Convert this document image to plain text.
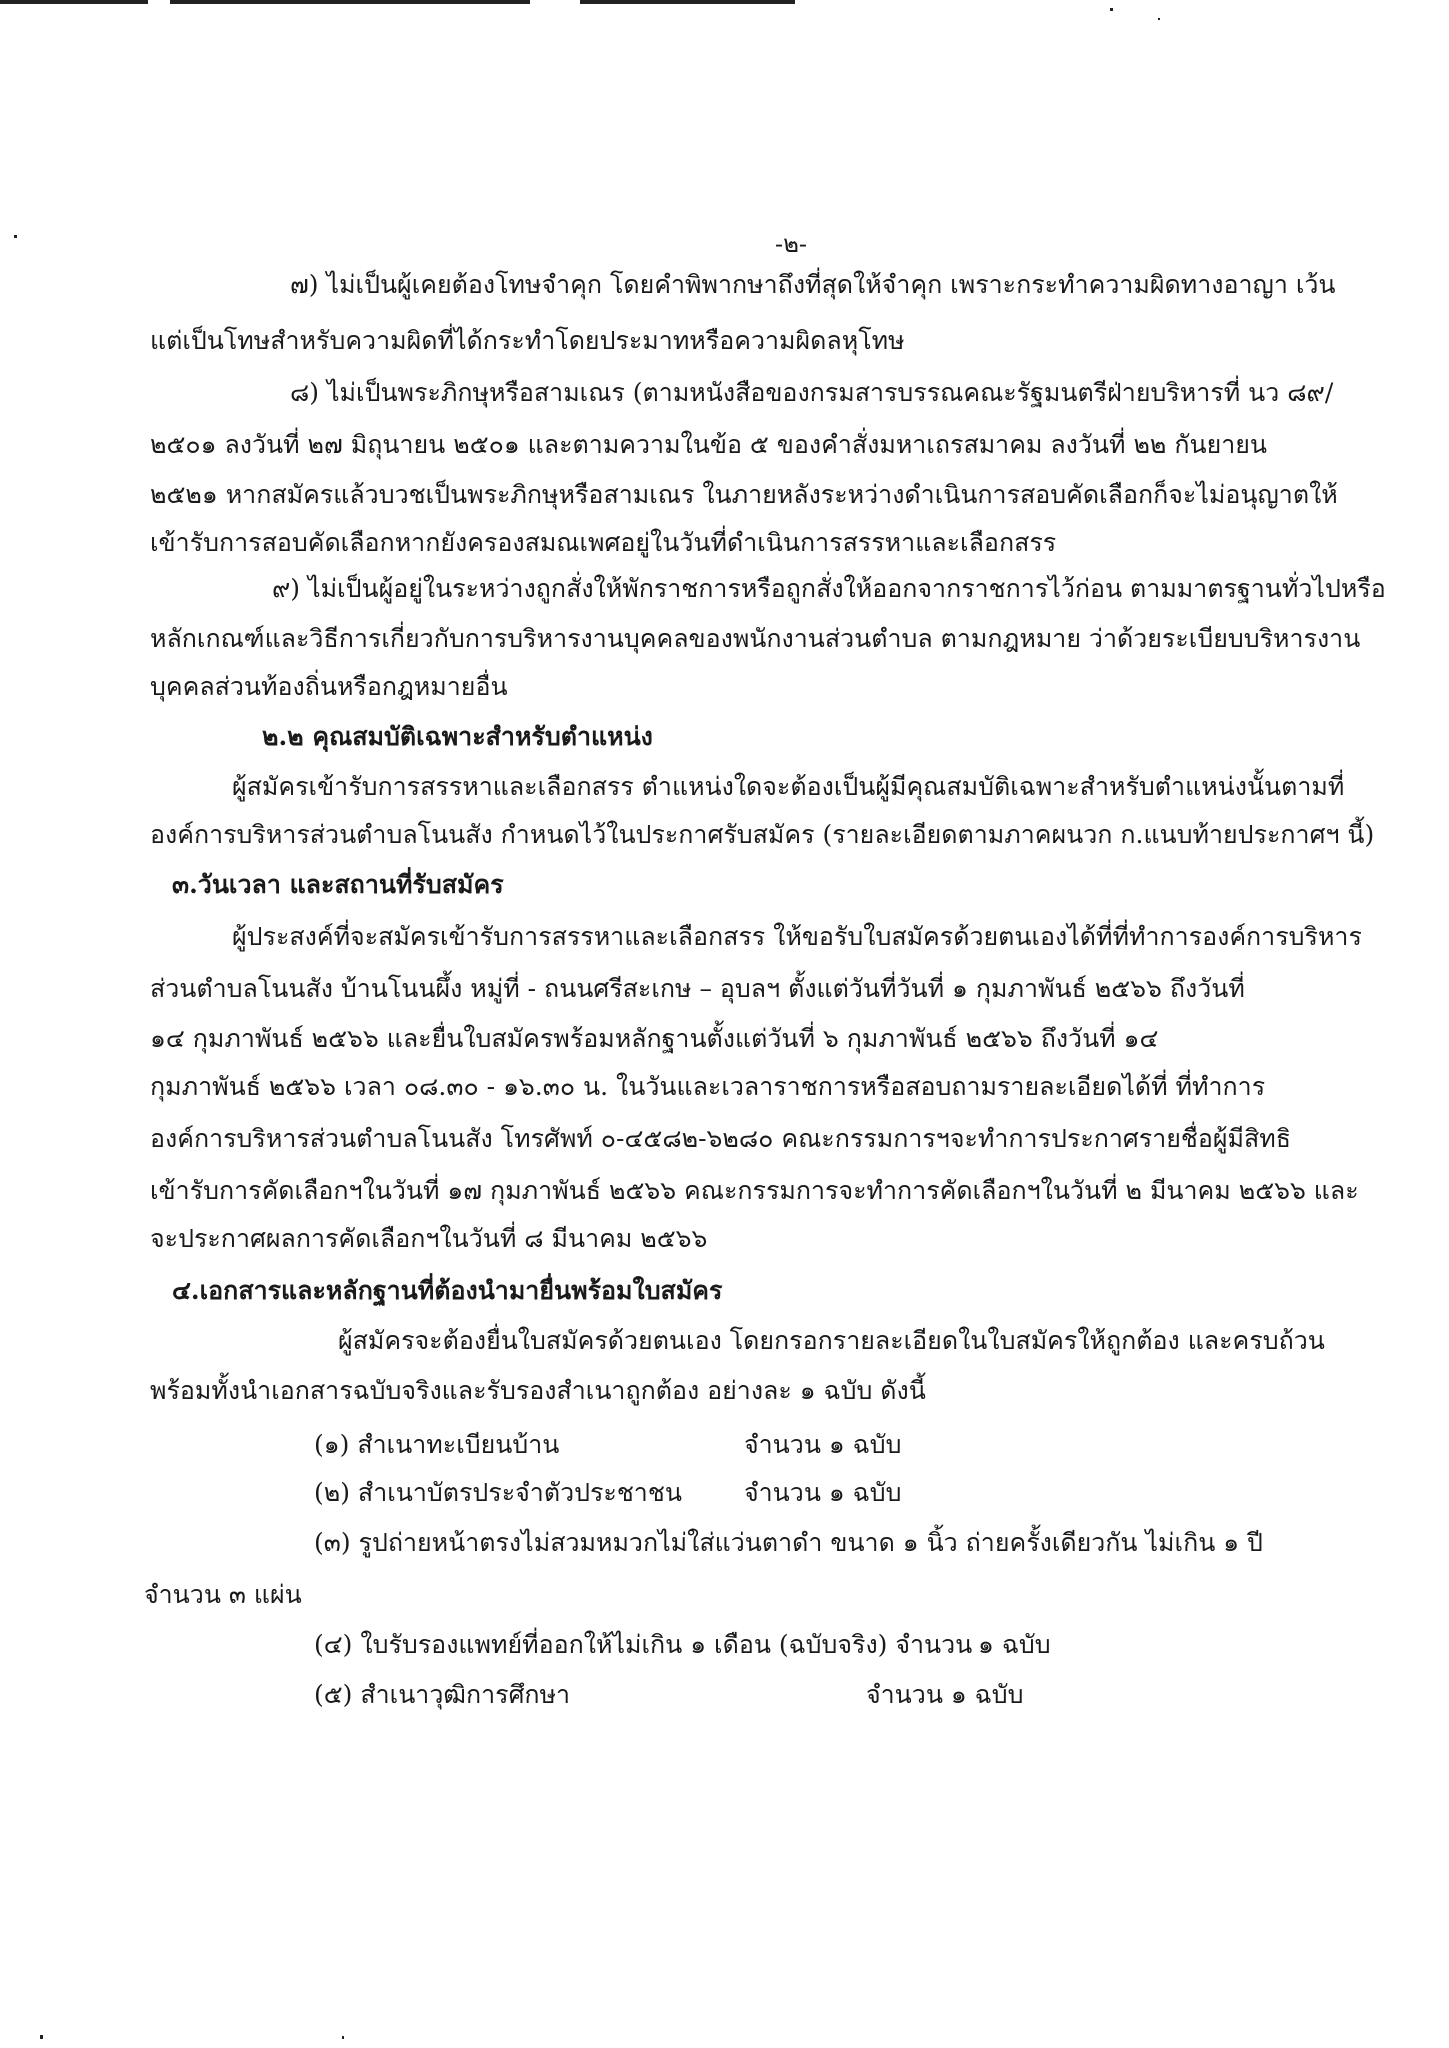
-๒-
๗) ไม่เป็นผู้เคยต้องโทษจำคุก โดยคำพิพากษาถึงที่สุดให้จำคุก เพราะกระทำความผิดทางอาญา เว้น
แต่เป็นโทษสำหรับความผิดที่ได้กระทำโดยประมาทหรือความผิดลหุโทษ
๘) ไม่เป็นพระภิกษุหรือสามเณร (ตามหนังสือของกรมสารบรรณคณะรัฐมนตรีฝ่ายบริหารที่ นว ๘๙/
๒๕๐๑ ลงวันที่ ๒๗ มิถุนายน ๒๕๐๑ และตามความในข้อ ๕ ของคำสั่งมหาเถรสมาคม ลงวันที่ ๒๒ กันยายน
๒๕๒๑ หากสมัครแล้วบวชเป็นพระภิกษุหรือสามเณร ในภายหลังระหว่างดำเนินการสอบคัดเลือกก็จะไม่อนุญาตให้
เข้ารับการสอบคัดเลือกหากยังครองสมณเพศอยู่ในวันที่ดำเนินการสรรหาและเลือกสรร
๙) ไม่เป็นผู้อยู่ในระหว่างถูกสั่งให้พักราชการหรือถูกสั่งให้ออกจากราชการไว้ก่อน ตามมาตรฐานทั่วไปหรือ
หลักเกณฑ์และวิธีการเกี่ยวกับการบริหารงานบุคคลของพนักงานส่วนตำบล ตามกฎหมาย ว่าด้วยระเบียบบริหารงาน
บุคคลส่วนท้องถิ่นหรือกฎหมายอื่น
๒.๒ คุณสมบัติเฉพาะสำหรับตำแหน่ง
ผู้สมัครเข้ารับการสรรหาและเลือกสรร ตำแหน่งใดจะต้องเป็นผู้มีคุณสมบัติเฉพาะสำหรับตำแหน่งนั้นตามที่
องค์การบริหารส่วนตำบลโนนสัง กำหนดไว้ในประกาศรับสมัคร (รายละเอียดตามภาคผนวก ก.แนบท้ายประกาศฯ นี้)
๓.วันเวลา และสถานที่รับสมัคร
ผู้ประสงค์ที่จะสมัครเข้ารับการสรรหาและเลือกสรร ให้ขอรับใบสมัครด้วยตนเองได้ที่ที่ทำการองค์การบริหาร
ส่วนตำบลโนนสัง บ้านโนนผึ้ง หมู่ที่ - ถนนศรีสะเกษ – อุบลฯ ตั้งแต่วันที่วันที่ ๑ กุมภาพันธ์ ๒๕๖๖ ถึงวันที่
๑๔ กุมภาพันธ์ ๒๕๖๖ และยื่นใบสมัครพร้อมหลักฐานตั้งแต่วันที่ ๖ กุมภาพันธ์ ๒๕๖๖ ถึงวันที่ ๑๔
กุมภาพันธ์ ๒๕๖๖ เวลา ๐๘.๓๐ - ๑๖.๓๐ น. ในวันและเวลาราชการหรือสอบถามรายละเอียดได้ที่ ที่ทำการ
องค์การบริหารส่วนตำบลโนนสัง โทรศัพท์ ๐-๔๕๘๒-๖๒๘๐ คณะกรรมการฯจะทำการประกาศรายชื่อผู้มีสิทธิ
เข้ารับการคัดเลือกฯในวันที่ ๑๗ กุมภาพันธ์ ๒๕๖๖ คณะกรรมการจะทำการคัดเลือกฯในวันที่ ๒ มีนาคม ๒๕๖๖ และ
จะประกาศผลการคัดเลือกฯในวันที่ ๘ มีนาคม ๒๕๖๖
๔.เอกสารและหลักฐานที่ต้องนำมายื่นพร้อมใบสมัคร
ผู้สมัครจะต้องยื่นใบสมัครด้วยตนเอง โดยกรอกรายละเอียดในใบสมัครให้ถูกต้อง และครบถ้วน
พร้อมทั้งนำเอกสารฉบับจริงและรับรองสำเนาถูกต้อง อย่างละ ๑ ฉบับ ดังนี้
(๑) สำเนาทะเบียนบ้าน	จำนวน ๑ ฉบับ
(๒) สำเนาบัตรประจำตัวประชาชน จำนวน ๑ ฉบับ
(๓) รูปถ่ายหน้าตรงไม่สวมหมวกไม่ใส่แว่นตาดำ ขนาด ๑ นิ้ว ถ่ายครั้งเดียวกัน ไม่เกิน ๑ ปี
จำนวน ๓ แผ่น
(๔) ใบรับรองแพทย์ที่ออกให้ไม่เกิน ๑ เดือน (ฉบับจริง) จำนวน ๑ ฉบับ
(๕) สำเนาวุฒิการศึกษา	จำนวน ๑ ฉบับ
